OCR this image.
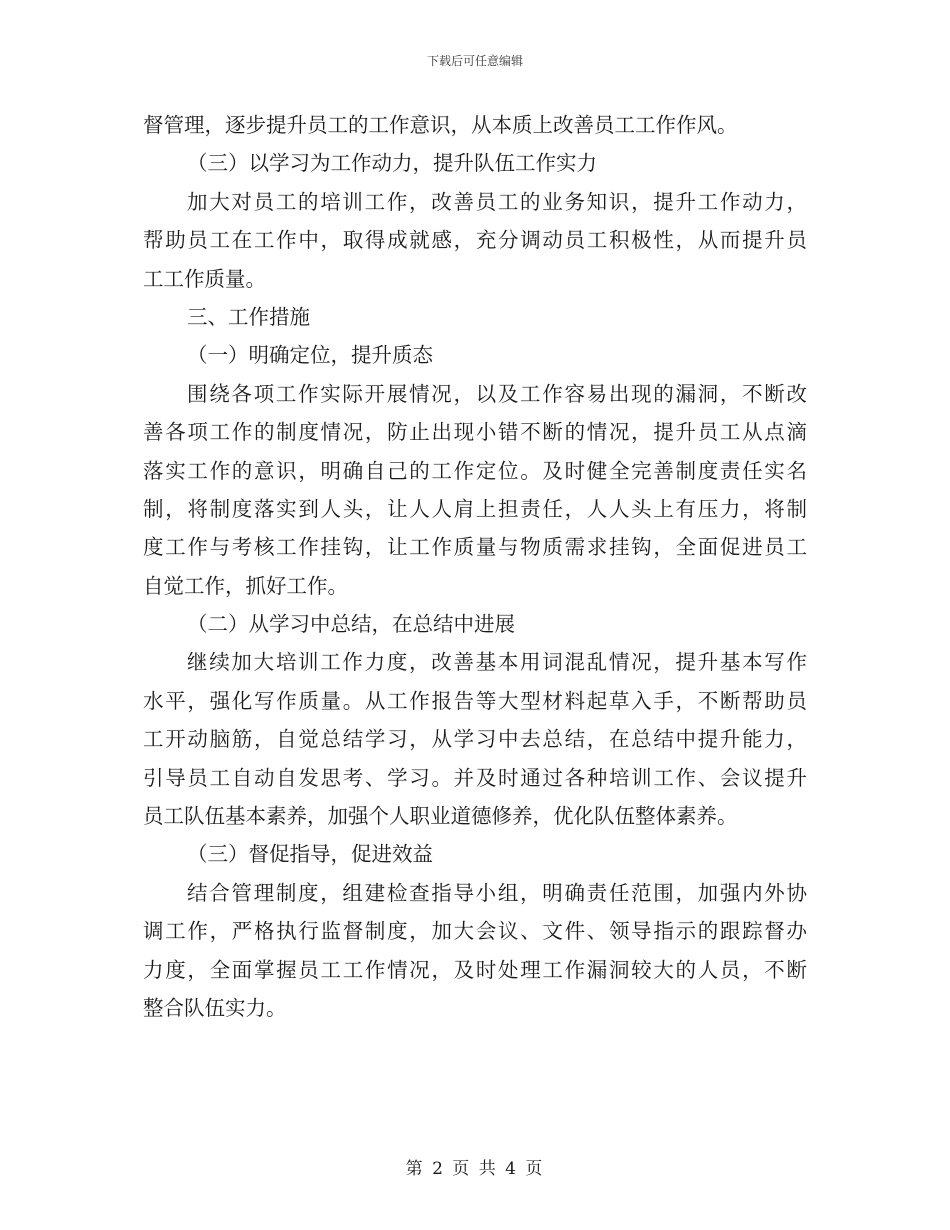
下载后可任意编辑
督管理，逐步提升员工的工作意识，从本质上改善员工工作作风。
（三）以学习为工作动力，提升队伍工作实力
加大对员工的培训工作，改善员工的业务知识，提升工作动力，
帮助员工在工作中，取得成就感，充分调动员工积极性，从而提升员
工工作质量。
三、工作措施
（一）明确定位，提升质态
围绕各项工作实际开展情况，以及工作容易出现的漏洞，不断改
善各项工作的制度情况，防止出现小错不断的情况，提升员工从点滴
落实工作的意识，明确自己的工作定位。及时健全完善制度责任实名
制，将制度落实到人头，让人人肩上担责任，人人头上有压力，将制
度工作与考核工作挂钩，让工作质量与物质需求挂钩，全面促进员工
自觉工作，抓好工作。
（二）从学习中总结，在总结中进展
继续加大培训工作力度，改善基本用词混乱情况，提升基本写作
水平，强化写作质量。从工作报告等大型材料起草入手，不断帮助员
工开动脑筋，自觉总结学习，从学习中去总结，在总结中提升能力，
引导员工自动自发思考、学习。并及时通过各种培训工作、会议提升
员工队伍基本素养，加强个人职业道德修养，优化队伍整体素养。
（三）督促指导，促进效益
结合管理制度，组建检查指导小组，明确责任范围，加强内外协
调工作，严格执行监督制度，加大会议、文件、领导指示的跟踪督办
力度，全面掌握员工工作情况，及时处理工作漏洞较大的人员，不断
整合队伍实力。
第 2 页 共 4 页
